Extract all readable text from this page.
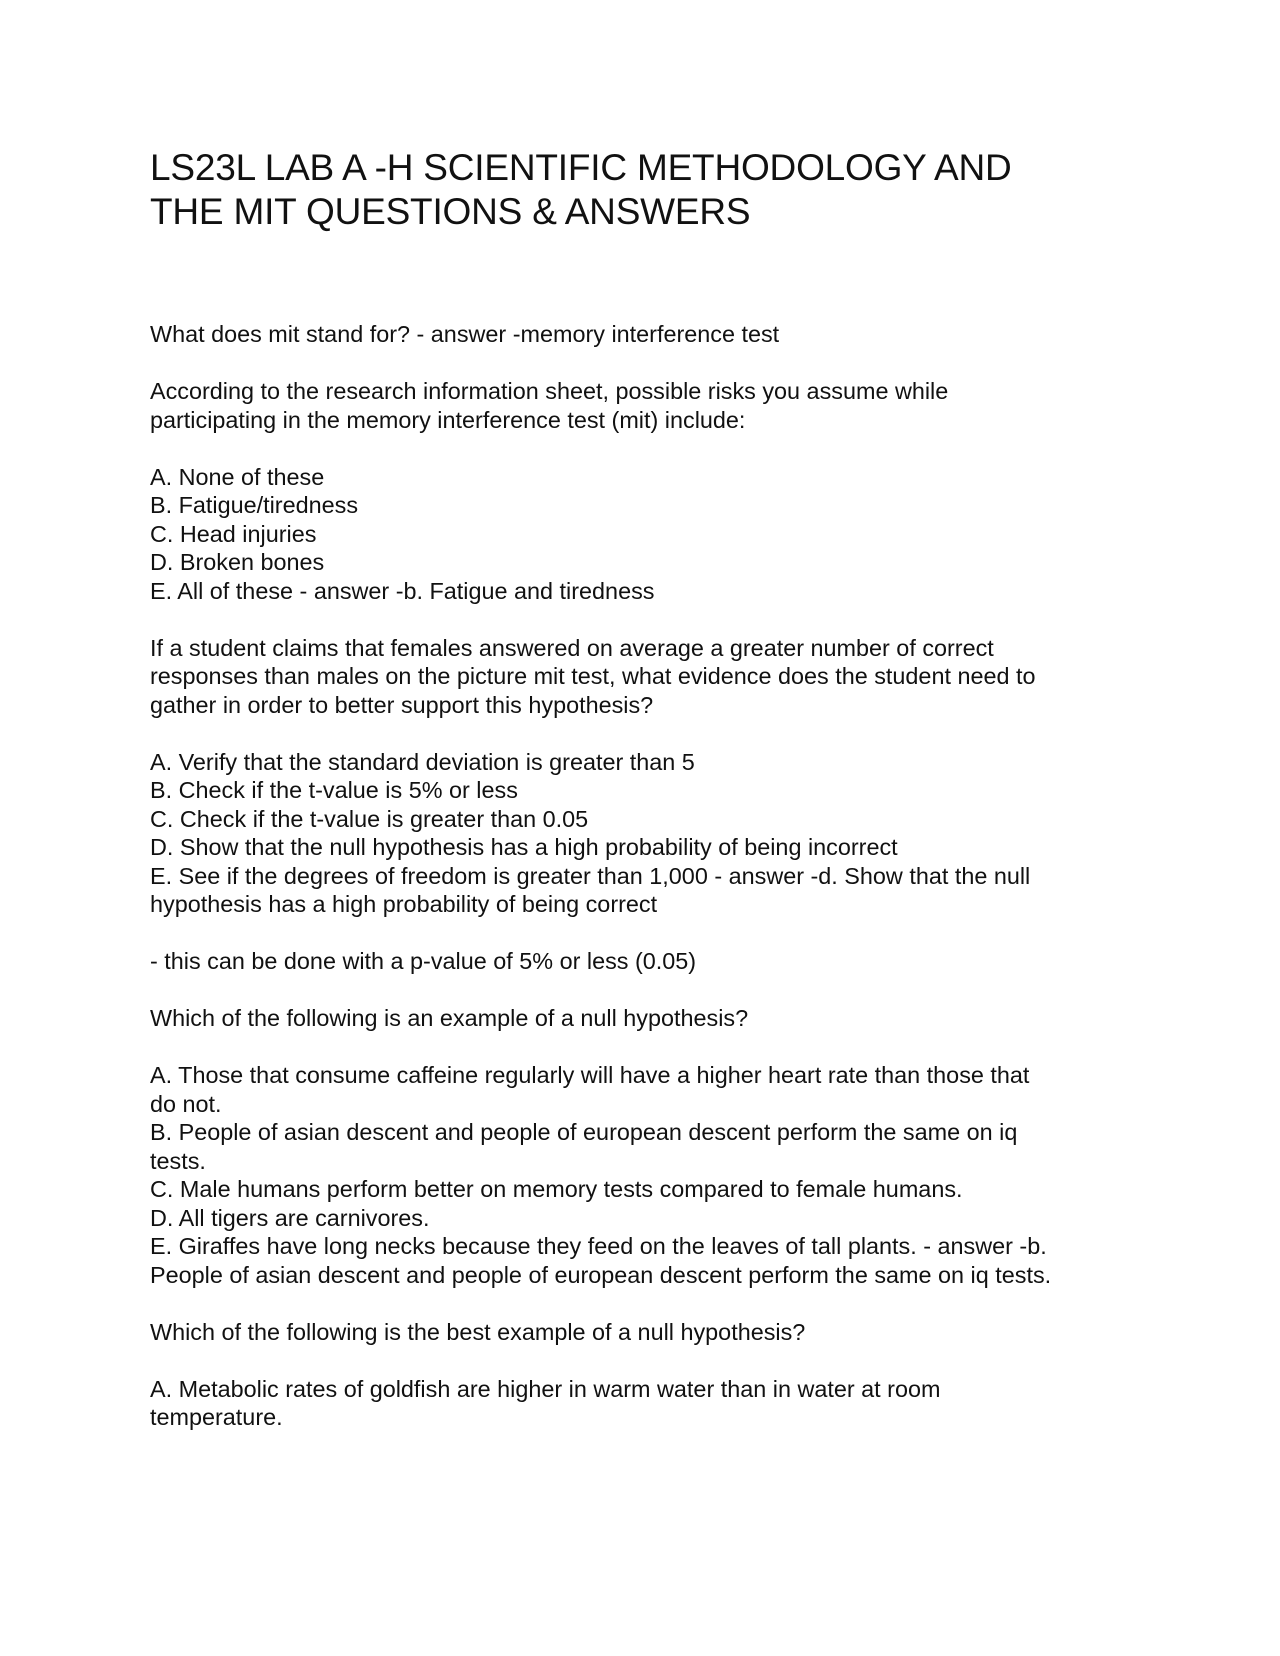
LS23L LAB A -H SCIENTIFIC METHODOLOGY AND
THE MIT QUESTIONS & ANSWERS
What does mit stand for? - answer -memory interference test
According to the research information sheet, possible risks you assume while
participating in the memory interference test (mit) include:
A. None of these
B. Fatigue/tiredness
C. Head injuries
D. Broken bones
E. All of these - answer -b. Fatigue and tiredness
If a student claims that females answered on average a greater number of correct
responses than males on the picture mit test, what evidence does the student need to
gather in order to better support this hypothesis?
A. Verify that the standard deviation is greater than 5
B. Check if the t-value is 5% or less
C. Check if the t-value is greater than 0.05
D. Show that the null hypothesis has a high probability of being incorrect
E. See if the degrees of freedom is greater than 1,000 - answer -d. Show that the null
hypothesis has a high probability of being correct
- this can be done with a p-value of 5% or less (0.05)
Which of the following is an example of a null hypothesis?
A. Those that consume caffeine regularly will have a higher heart rate than those that
do not.
B. People of asian descent and people of european descent perform the same on iq
tests.
C. Male humans perform better on memory tests compared to female humans.
D. All tigers are carnivores.
E. Giraffes have long necks because they feed on the leaves of tall plants. - answer -b.
People of asian descent and people of european descent perform the same on iq tests.
Which of the following is the best example of a null hypothesis?
A. Metabolic rates of goldfish are higher in warm water than in water at room
temperature.
